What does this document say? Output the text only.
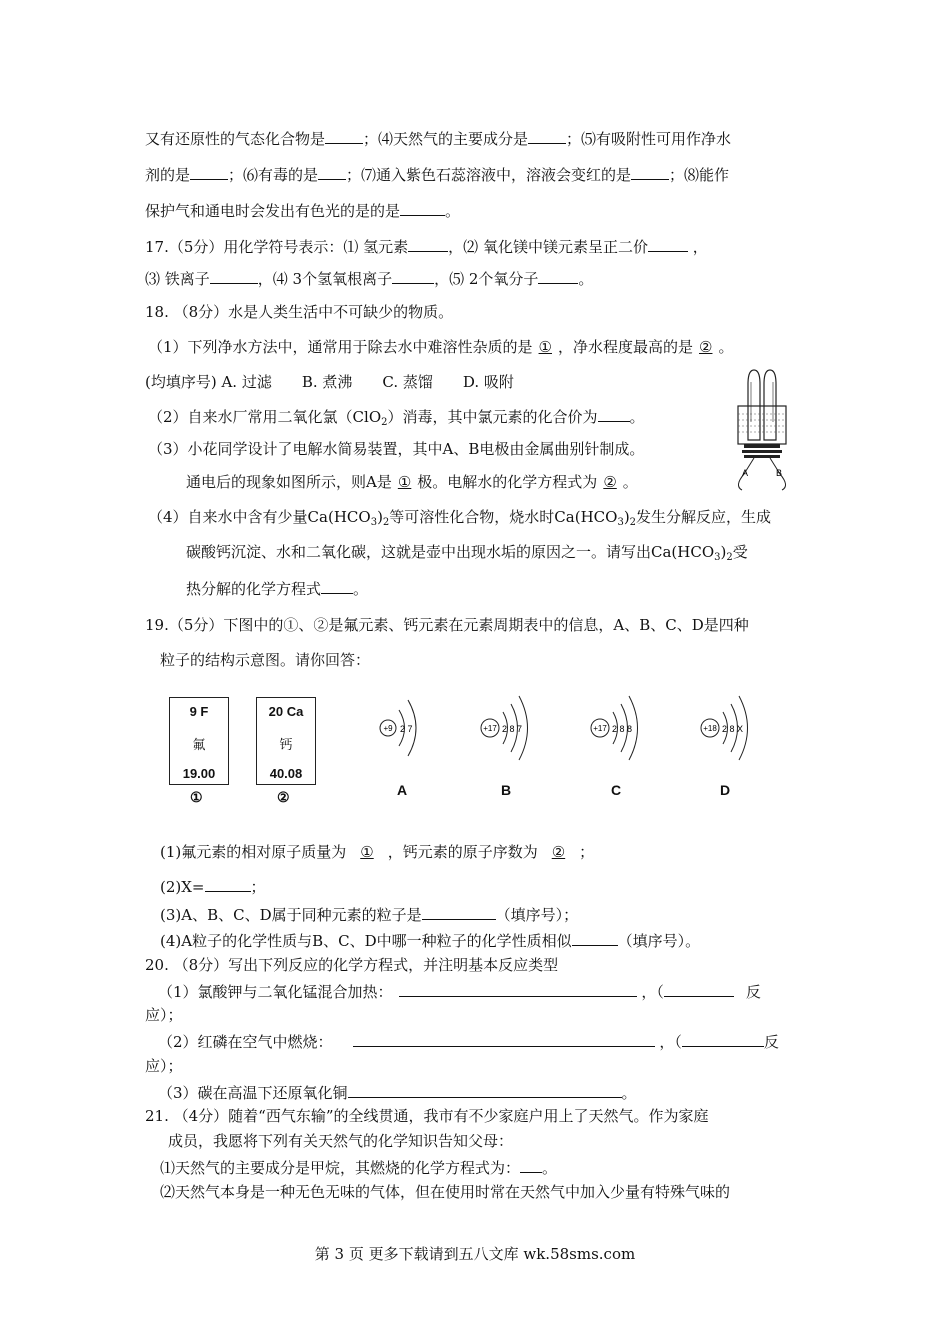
又有还原性的气态化合物是	；⑷天然气的主要成分是	；⑸有吸附性可用作净水
剂的是	；⑹有毒的是 ；⑺通入紫色石蕊溶液中，溶液会变红的是	；⑻能作
保护气和通电时会发出有色光的是的是	。
17.（5分）用化学符号表示：⑴ 氢元素	，⑵ 氧化镁中镁元素呈正二价	，
⑶ 铁离子	，⑷ 3个氢氧根离子	，⑸ 2个氧分子	。
18. （8分）水是人类生活中不可缺少的物质。
（1）下列净水方法中，通常用于除去水中难溶性杂质的是 ① ，净水程度最高的是 ② 。
(均填序号) A. 过滤　　B. 煮沸　　C. 蒸馏　　D. 吸附
（2）自来水厂常用二氧化氯（ClO$_2$）消毒，其中氯元素的化合价为 。
（3）小花同学设计了电解水简易装置，其中A、B电极由金属曲别针制成。
通电后的现象如图所示，则A是 ① 极。电解水的化学方程式为 ② 。
（4）自来水中含有少量$Ca(HCO_3)_2$等可溶性化合物，烧水时$Ca(HCO_3)_2$发生分解反应，生成
碳酸钙沉淀、水和二氧化碳，这就是壶中出现水垢的原因之一。请写出$Ca(HCO_3)_2$受
热分解的化学方程式 。
A	B
19.（5分）下图中的①、②是氟元素、钙元素在元素周期表中的信息，A、B、C、D是四种
粒子的结构示意图。请你回答：
9 F
氟
19.00
①
20 Ca
钙
40.08
②
+9 2 7
A
+17 2 8 7
B
+17 2 8 8
C
+18 2 8 X
D
(1)氟元素的相对原子质量为 ① ，钙元素的原子序数为 ② ；
(2)X=	；
(3)A、B、C、D属于同种元素的粒子是	（填序号）；
(4)A粒子的化学性质与B、C、D中哪一种粒子的化学性质相似	（填序号）。
20. （8分）写出下列反应的化学方程式，并注明基本反应类型
（1）氯酸钾与二氧化锰混合加热：	，（	反
应）；
（2）红磷在空气中燃烧：	，（	反
应）；
（3）碳在高温下还原氧化铜	。
21. （4分）随着“西气东输”的全线贯通，我市有不少家庭户用上了天然气。作为家庭
成员，我愿将下列有关天然气的化学知识告知父母：
⑴天然气的主要成分是甲烷，其燃烧的化学方程式为： 。
⑵天然气本身是一种无色无味的气体，但在使用时常在天然气中加入少量有特殊气味的
第 3 页 更多下载请到五八文库 wk.58sms.com
